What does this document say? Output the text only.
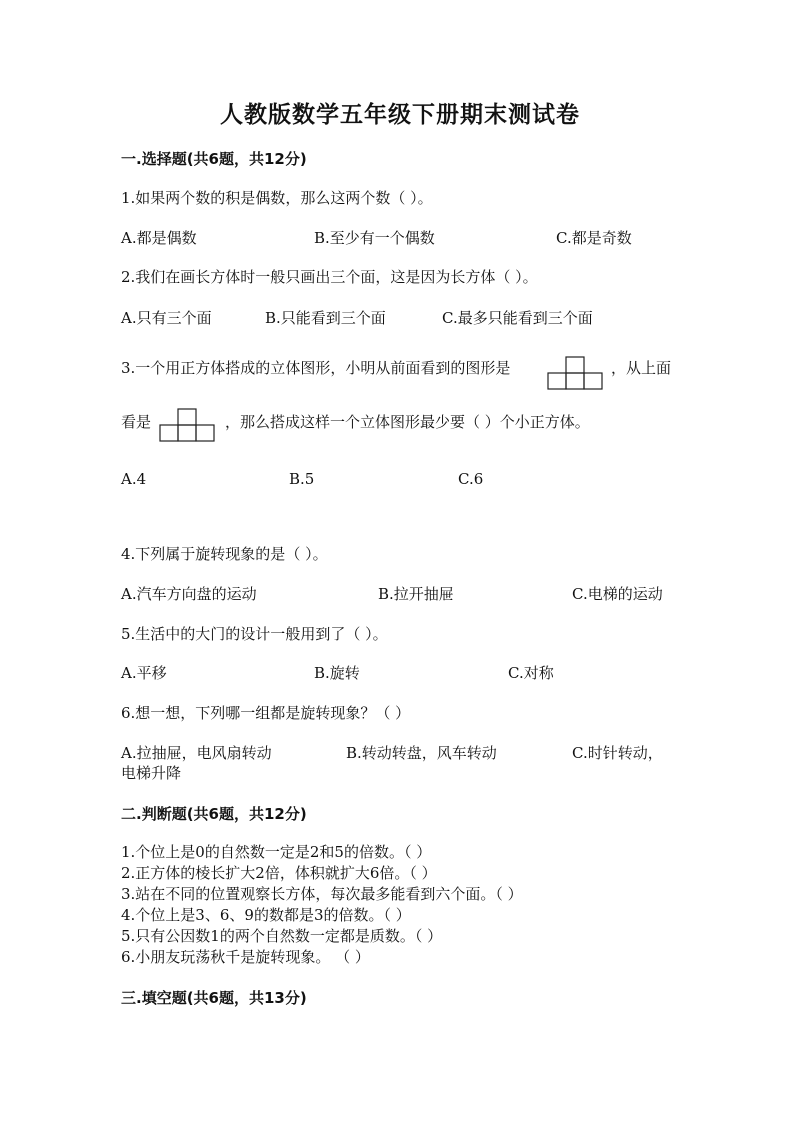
人教版数学五年级下册期末测试卷
一.选择题(共6题，共12分)
1.如果两个数的积是偶数，那么这两个数（ ）。
A.都是偶数	B.至少有一个偶数	C.都是奇数
2.我们在画长方体时一般只画出三个面，这是因为长方体（ ）。
A.只有三个面	B.只能看到三个面	C.最多只能看到三个面
3.一个用正方体搭成的立体图形，小明从前面看到的图形是	，从上面
看是	，那么搭成这样一个立体图形最少要（ ）个小正方体。
A.4	B.5	C.6
4.下列属于旋转现象的是（ ）。
A.汽车方向盘的运动	B.拉开抽屉	C.电梯的运动
5.生活中的大门的设计一般用到了（ ）。
A.平移	B.旋转	C.对称
6.想一想，下列哪一组都是旋转现象？（ ）
A.拉抽屉，电风扇转动
电梯升降
B.转动转盘，风车转动	C.时针转动，
二.判断题(共6题，共12分)
1.个位上是0的自然数一定是2和5的倍数。（ ）
2.正方体的棱长扩大2倍，体积就扩大6倍。（ ）
3.站在不同的位置观察长方体，每次最多能看到六个面。（ ）
4.个位上是3、6、9的数都是3的倍数。（ ）
5.只有公因数1的两个自然数一定都是质数。（ ）
6.小朋友玩荡秋千是旋转现象。 （ ）
三.填空题(共6题，共13分)
